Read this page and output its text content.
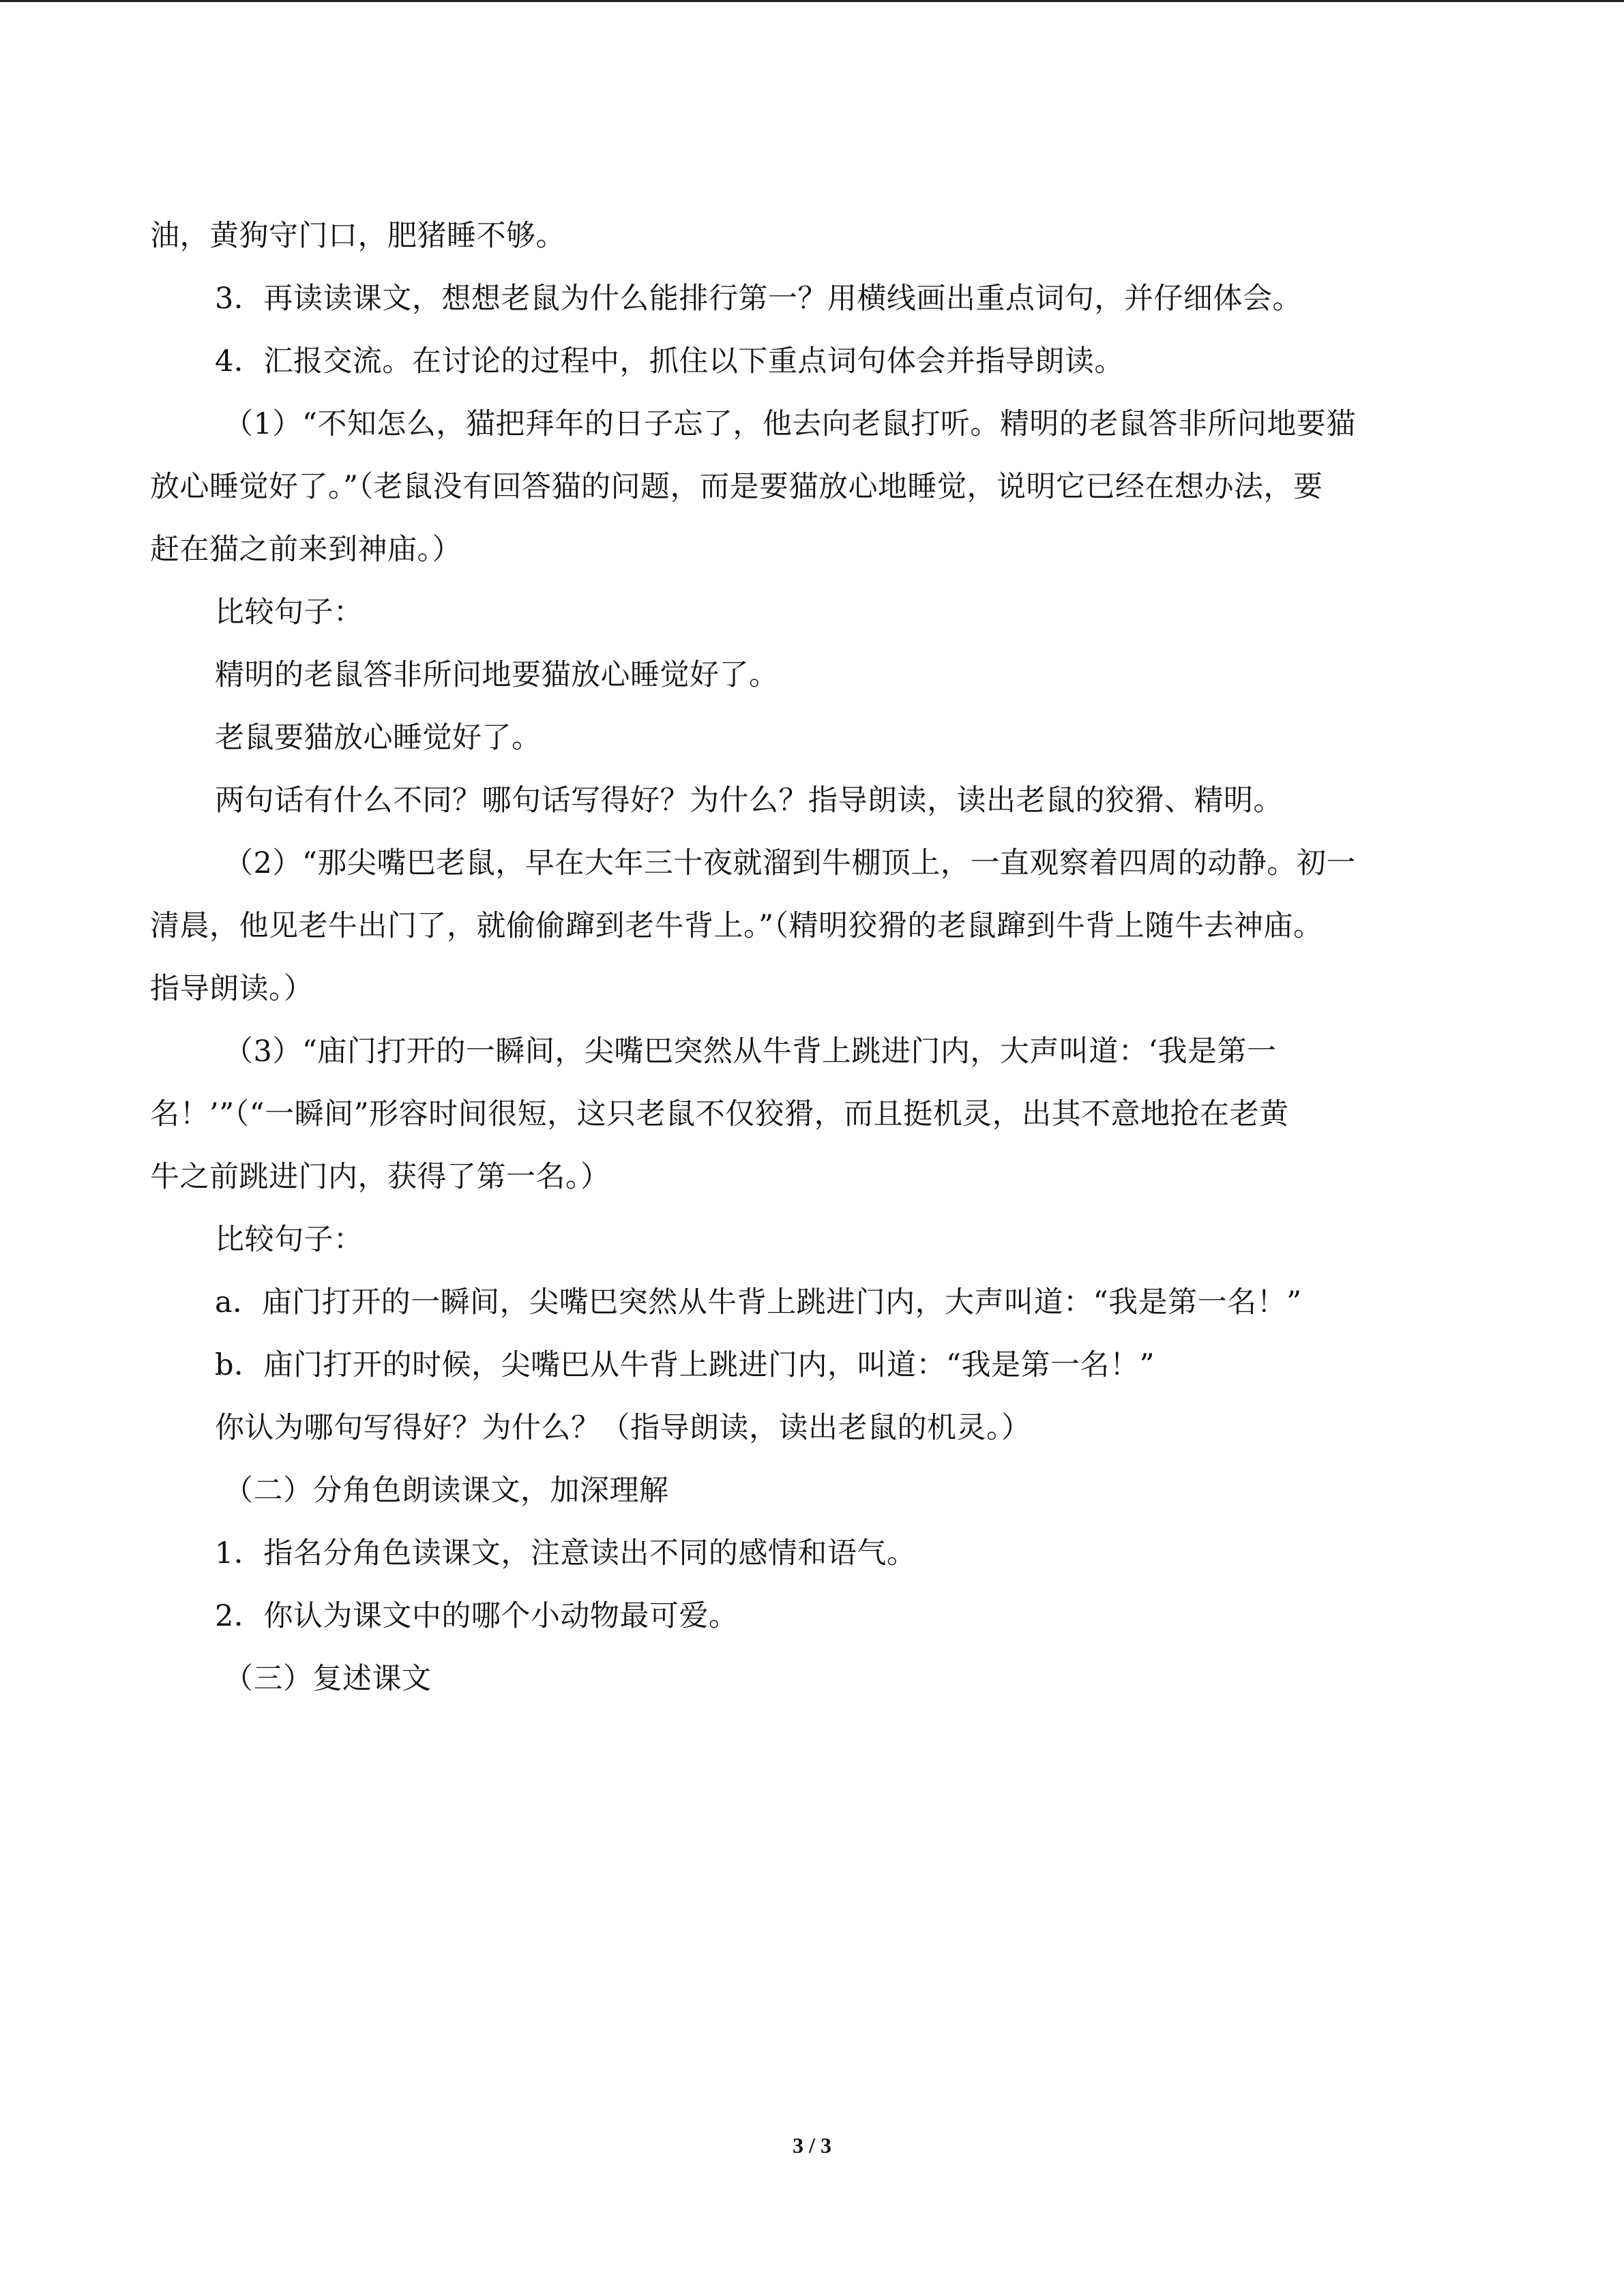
油，黄狗守门口，肥猪睡不够。

3．再读读课文，想想老鼠为什么能排行第一？用横线画出重点词句，并仔细体会。

4．汇报交流。在讨论的过程中，抓住以下重点词句体会并指导朗读。

（1）“不知怎么，猫把拜年的日子忘了，他去向老鼠打听。精明的老鼠答非所问地要猫

放心睡觉好了。”（老鼠没有回答猫的问题，而是要猫放心地睡觉，说明它已经在想办法，要

赶在猫之前来到神庙。）

比较句子：

精明的老鼠答非所问地要猫放心睡觉好了。

老鼠要猫放心睡觉好了。

两句话有什么不同？哪句话写得好？为什么？指导朗读，读出老鼠的狡猾、精明。

（2）“那尖嘴巴老鼠，早在大年三十夜就溜到牛棚顶上，一直观察着四周的动静。初一

清晨，他见老牛出门了，就偷偷蹿到老牛背上。”（精明狡猾的老鼠蹿到牛背上随牛去神庙。

指导朗读。）

（3）“庙门打开的一瞬间，尖嘴巴突然从牛背上跳进门内，大声叫道：‘我是第一

名！’”（“一瞬间”形容时间很短，这只老鼠不仅狡猾，而且挺机灵，出其不意地抢在老黄

牛之前跳进门内，获得了第一名。）

比较句子：

a．庙门打开的一瞬间，尖嘴巴突然从牛背上跳进门内，大声叫道：“我是第一名！”

b．庙门打开的时候，尖嘴巴从牛背上跳进门内，叫道：“我是第一名！”

你认为哪句写得好？为什么？（指导朗读，读出老鼠的机灵。）

（二）分角色朗读课文，加深理解

1．指名分角色读课文，注意读出不同的感情和语气。

2．你认为课文中的哪个小动物最可爱。

（三）复述课文

3 / 3
